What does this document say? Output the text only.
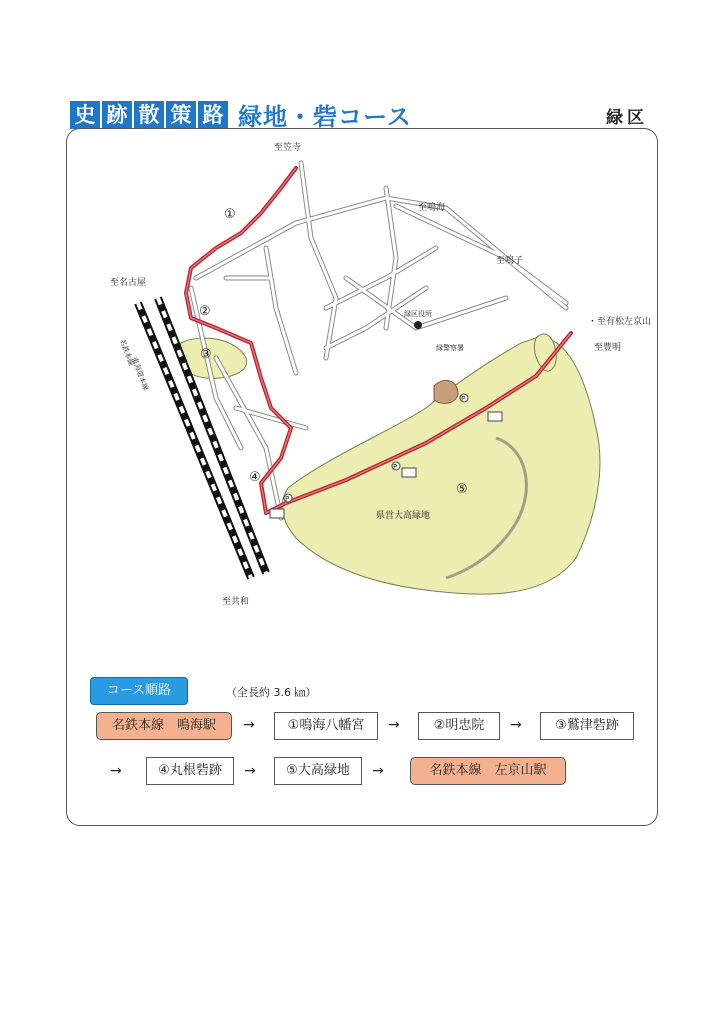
史 跡 散 策 路 緑地・砦コース	緑区
P
P
P
①
②
③
④
⑤
至笠寺
至鳴海
至鳴子
至名古屋
・至有松左京山
至豊明
至共和
県営大高緑地
緑区役所
緑警察署
名鉄本線
東海道本線
コース順路	（全長約 3.6 ㎞）
名鉄本線　鳴海駅	→	①鳴海八幡宮	→	②明忠院	→	③鷲津砦跡
→	④丸根砦跡	→	⑤大高緑地	→	名鉄本線　左京山駅
